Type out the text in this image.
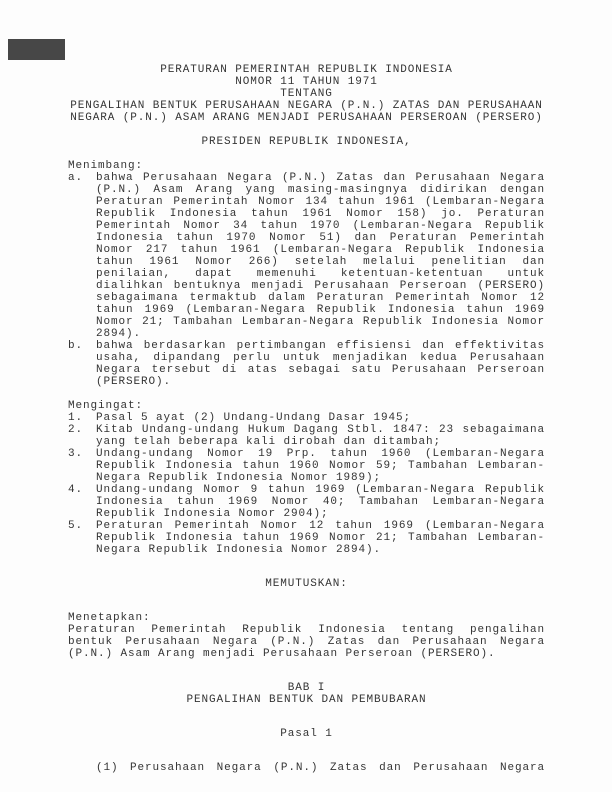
PERATURAN PEMERINTAH REPUBLIK INDONESIA
NOMOR 11 TAHUN 1971
TENTANG
PENGALIHAN BENTUK PERUSAHAAN NEGARA (P.N.) ZATAS DAN PERUSAHAAN
NEGARA (P.N.) ASAM ARANG MENJADI PERUSAHAAN PERSEROAN (PERSERO)
PRESIDEN REPUBLIK INDONESIA,
Menimbang:
a.	bahwa Perusahaan Negara (P.N.) Zatas dan Perusahaan Negara (P.N.) Asam Arang yang masing-masingnya didirikan dengan Peraturan Pemerintah Nomor 134 tahun 1961 (Lembaran-Negara Republik Indonesia tahun 1961 Nomor 158) jo. Peraturan Pemerintah Nomor 34 tahun 1970 (Lembaran-Negara Republik Indonesia tahun 1970 Nomor 51) dan Peraturan Pemerintah Nomor 217 tahun 1961 (Lembaran-Negara Republik Indonesia tahun 1961 Nomor 266) setelah melalui penelitian dan penilaian, dapat memenuhi ketentuan-ketentuan untuk dialihkan bentuknya menjadi Perusahaan Perseroan (PERSERO) sebagaimana termaktub dalam Peraturan Pemerintah Nomor 12 tahun 1969 (Lembaran-Negara Republik Indonesia tahun 1969 Nomor 21; Tambahan Lembaran-Negara Republik Indonesia Nomor 2894).
b.	bahwa berdasarkan pertimbangan effisiensi dan effektivitas usaha, dipandang perlu untuk menjadikan kedua Perusahaan Negara tersebut di atas sebagai satu Perusahaan Perseroan (PERSERO).
Mengingat:
1.	Pasal 5 ayat (2) Undang-Undang Dasar 1945;
2.	Kitab Undang-undang Hukum Dagang Stbl. 1847: 23 sebagaimana yang telah beberapa kali dirobah dan ditambah;
3.	Undang-undang Nomor 19 Prp. tahun 1960 (Lembaran-Negara Republik Indonesia tahun 1960 Nomor 59; Tambahan Lembaran-Negara Republik Indonesia Nomor 1989);
4.	Undang-undang Nomor 9 tahun 1969 (Lembaran-Negara Republik Indonesia tahun 1969 Nomor 40; Tambahan Lembaran-Negara Republik Indonesia Nomor 2904);
5.	Peraturan Pemerintah Nomor 12 tahun 1969 (Lembaran-Negara Republik Indonesia tahun 1969 Nomor 21; Tambahan Lembaran-Negara Republik Indonesia Nomor 2894).
MEMUTUSKAN:
Menetapkan:
Peraturan Pemerintah Republik Indonesia tentang pengalihan bentuk Perusahaan Negara (P.N.) Zatas dan Perusahaan Negara (P.N.) Asam Arang menjadi Perusahaan Perseroan (PERSERO).
BAB I
PENGALIHAN BENTUK DAN PEMBUBARAN
Pasal 1
(1)	Perusahaan Negara (P.N.) Zatas dan Perusahaan Negara
